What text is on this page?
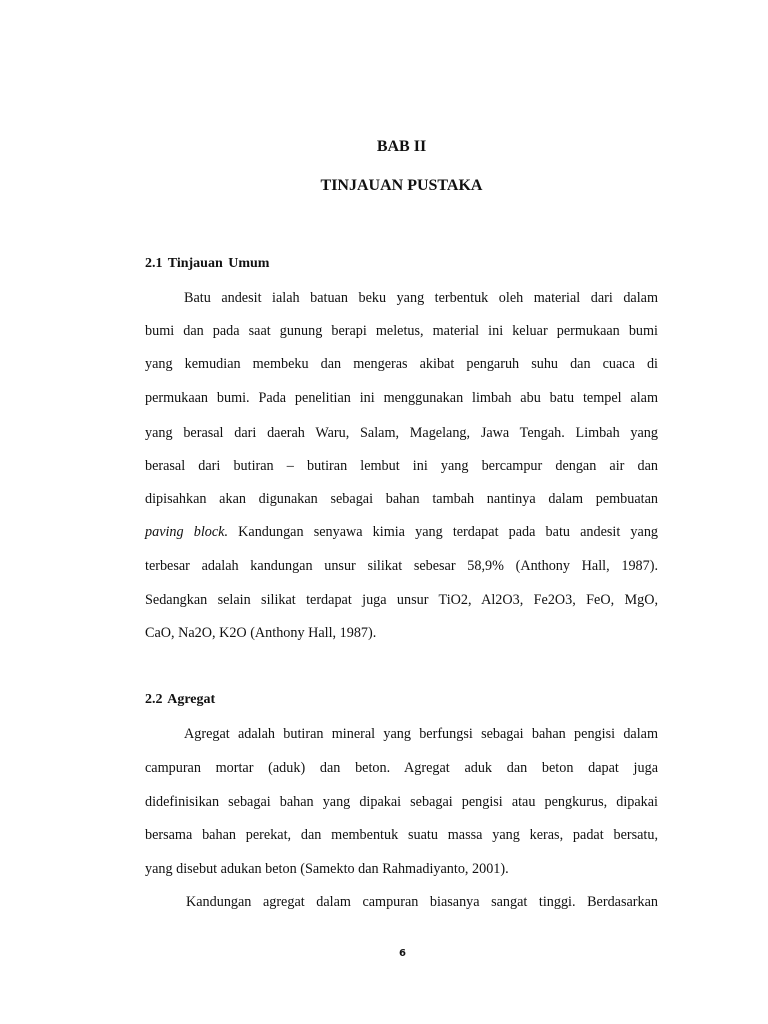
BAB II
TINJAUAN PUSTAKA
2.1 Tinjauan Umum
Batu andesit ialah batuan beku yang terbentuk oleh material dari dalam
bumi dan pada saat gunung berapi meletus, material ini keluar permukaan bumi
yang kemudian membeku dan mengeras akibat pengaruh suhu dan cuaca di
permukaan bumi. Pada penelitian ini menggunakan limbah abu batu tempel alam
yang berasal dari daerah Waru, Salam, Magelang, Jawa Tengah. Limbah yang
berasal dari butiran – butiran lembut ini yang bercampur dengan air dan
dipisahkan akan digunakan sebagai bahan tambah nantinya dalam pembuatan
paving block. Kandungan senyawa kimia yang terdapat pada batu andesit yang
terbesar adalah kandungan unsur silikat sebesar 58,9% (Anthony Hall, 1987).
Sedangkan selain silikat terdapat juga unsur TiO2, Al2O3, Fe2O3, FeO, MgO,
CaO, Na2O, K2O (Anthony Hall, 1987).
2.2 Agregat
Agregat adalah butiran mineral yang berfungsi sebagai bahan pengisi dalam
campuran mortar (aduk) dan beton. Agregat aduk dan beton dapat juga
didefinisikan sebagai bahan yang dipakai sebagai pengisi atau pengkurus, dipakai
bersama bahan perekat, dan membentuk suatu massa yang keras, padat bersatu,
yang disebut adukan beton (Samekto dan Rahmadiyanto, 2001).
Kandungan agregat dalam campuran biasanya sangat tinggi. Berdasarkan
6
